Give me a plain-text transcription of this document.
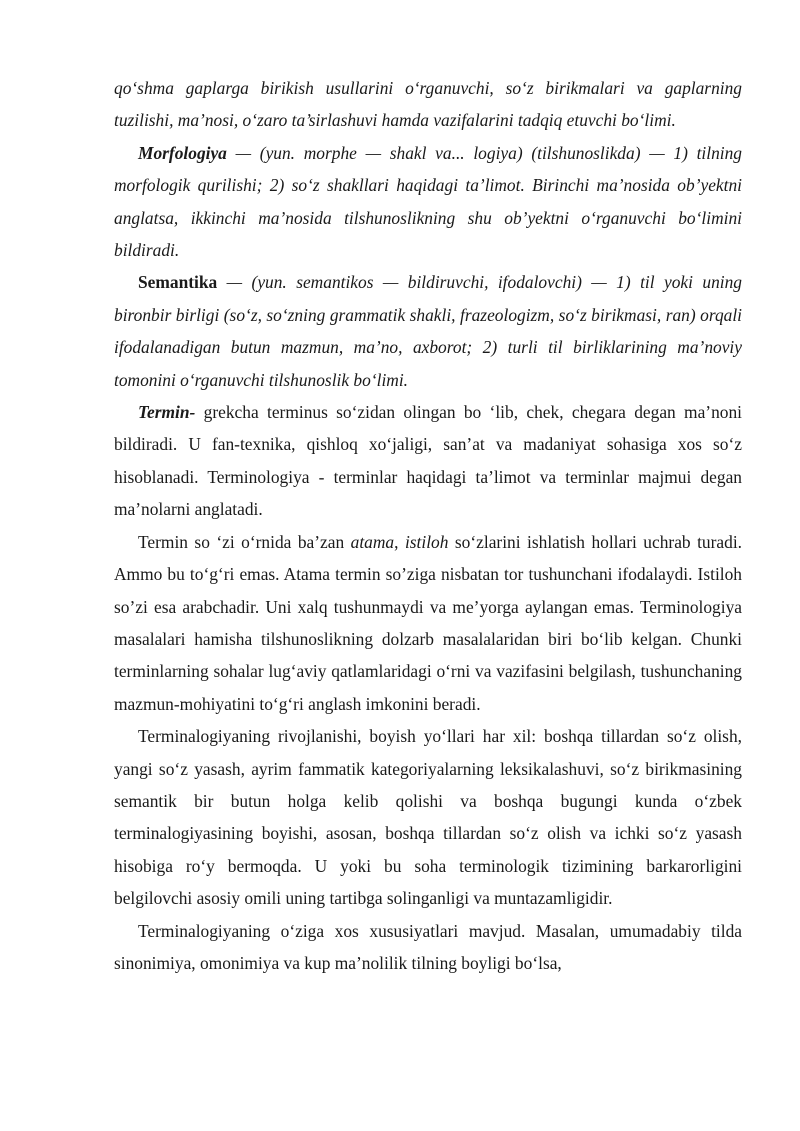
qo‘shma gaplarga birikish usullarini o‘rganuvchi, so‘z birikmalari va gaplarning tuzilishi, ma’nosi, o‘zaro ta’sirlashuvi hamda vazifalarini tadqiq etuvchi bo‘limi.

Morfologiya — (yun. morphe — shakl va... logiya) (tilshunoslikda) — 1) tilning morfologik qurilishi; 2) so‘z shakllari haqidagi ta’limot. Birinchi ma’nosida ob’yektni anglatsa, ikkinchi ma’nosida tilshunoslikning shu ob’yektni o‘rganuvchi bo‘limini bildiradi.

Semantika — (yun. semantikos — bildiruvchi, ifodalovchi) — 1) til yoki uning bironbir birligi (so‘z, so‘zning grammatik shakli, frazeologizm, so‘z birikmasi, ran) orqali ifodalanadigan butun mazmun, ma’no, axborot; 2) turli til birliklarining ma’noviy tomonini o‘rganuvchi tilshunoslik bo‘limi.

Termin- grekcha terminus so‘zidan olingan bo ‘lib, chek, chegara degan ma’noni bildiradi. U fan-texnika, qishloq xo‘jaligi, san’at va madaniyat sohasiga xos so‘z hisoblanadi. Terminologiya - terminlar haqidagi ta’limot va terminlar majmui degan ma’nolarni anglatadi.

Termin so ‘zi o‘rnida ba’zan atama, istiloh so‘zlarini ishlatish hollari uchrab turadi. Ammo bu to‘g‘ri emas. Atama termin so’ziga nisbatan tor tushunchani ifodalaydi. Istiloh so’zi esa arabchadir. Uni xalq tushunmaydi va me’yorga aylangan emas. Terminologiya masalalari hamisha tilshunoslikning dolzarb masalalaridan biri bo‘lib kelgan. Chunki terminlarning sohalar lug‘aviy qatlamlaridagi o‘rni va vazifasini belgilash, tushunchaning mazmun-mohiyatini to‘g‘ri anglash imkonini beradi.

Terminalogiyaning rivojlanishi, boyish yo‘llari har xil: boshqa tillardan so‘z olish, yangi so‘z yasash, ayrim fammatik kategoriyalarning leksikalashuvi, so‘z birikmasining semantik bir butun holga kelib qolishi va boshqa bugungi kunda o‘zbek terminalogiyasining boyishi, asosan, boshqa tillardan so‘z olish va ichki so‘z yasash hisobiga ro‘y bermoqda. U yoki bu soha terminologik tizimining barkarorligini belgilovchi asosiy omili uning tartibga solinganligi va muntazamligidir.

Terminalogiyaning o‘ziga xos xususiyatlari mavjud. Masalan, umumadabiy tilda sinonimiya, omonimiya va kup ma’nolilik tilning boyligi bo‘lsa,
